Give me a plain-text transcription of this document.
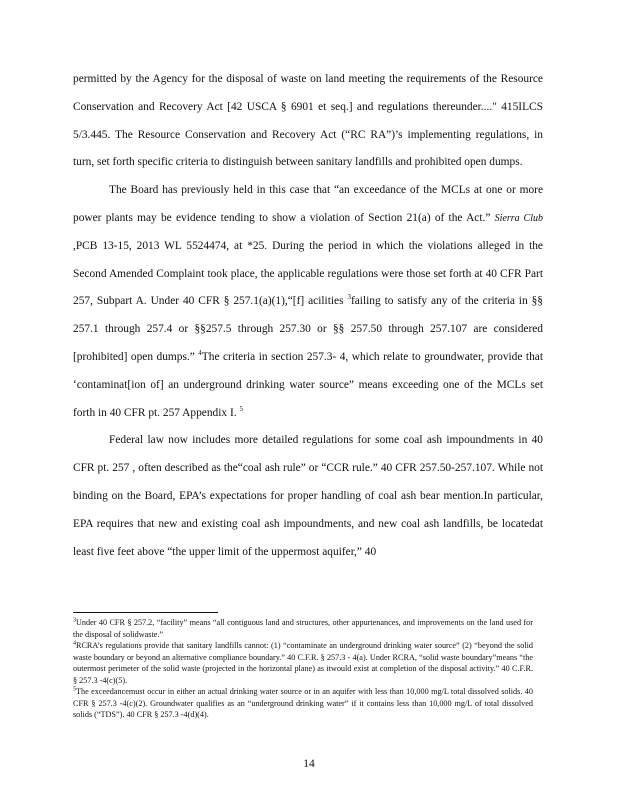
permitted by the Agency for the disposal of waste on land meeting the requirements of the Resource Conservation and Recovery Act [42 USCA § 6901 et seq.] and regulations thereunder...." 415ILCS 5/3.445. The Resource Conservation and Recovery Act (“RC RA”)’s implementing regulations, in turn, set forth specific criteria to distinguish between sanitary landfills and prohibited open dumps.

The Board has previously held in this case that “an exceedance of the MCLs at one or more power plants may be evidence tending to show a violation of Section 21(a) of the Act.” Sierra Club ,PCB 13-15, 2013 WL 5524474, at *25. During the period in which the violations alleged in the Second Amended Complaint took place, the applicable regulations were those set forth at 40 CFR Part 257, Subpart A. Under 40 CFR § 257.1(a)(1),“[f] acilities $^3$failing to satisfy any of the criteria in §§ 257.1 through 257.4 or §§257.5 through 257.30 or §§ 257.50 through 257.107 are considered [prohibited] open dumps.” $^4$The criteria in section 257.3- 4, which relate to groundwater, provide that ‘contaminat[ion of] an underground drinking water source” means exceeding one of the MCLs set forth in 40 CFR pt. 257 Appendix I. $^5$

Federal law now includes more detailed regulations for some coal ash impoundments in 40 CFR pt. 257 , often described as the“coal ash rule” or “CCR rule.” 40 CFR 257.50-257.107. While not binding on the Board, EPA’s expectations for proper handling of coal ash bear mention.In particular, EPA requires that new and existing coal ash impoundments, and new coal ash landfills, be locatedat least five feet above “the upper limit of the uppermost aquifer,” 40

$^3$Under 40 CFR § 257.2, “facility” means “all contiguous land and structures, other appurtenances, and improvements on the land used for the disposal of solidwaste.”

$^4$RCRA’s regulations provide that sanitary landfills cannot: (1) “contaminate an underground drinking water source” (2) “beyond the solid waste boundary or beyond an alternative compliance boundary.” 40 C.F.R. § 257.3 - 4(a). Under RCRA, “solid waste boundary”means “the outermost perimeter of the solid waste (projected in the horizontal plane) as itwould exist at completion of the disposal activity.” 40 C.F.R. § 257.3 -4(c)(5).

$^5$The exceedancemust occur in either an actual drinking water source or in an aquifer with less than 10,000 mg/L total dissolved solids. 40 CFR § 257.3 -4(c)(2). Groundwater qualifies as an “underground drinking water” if it contains less than 10,000 mg/L of total dissolved solids (“TDS”). 40 CFR § 257.3 -4(d)(4).

14
